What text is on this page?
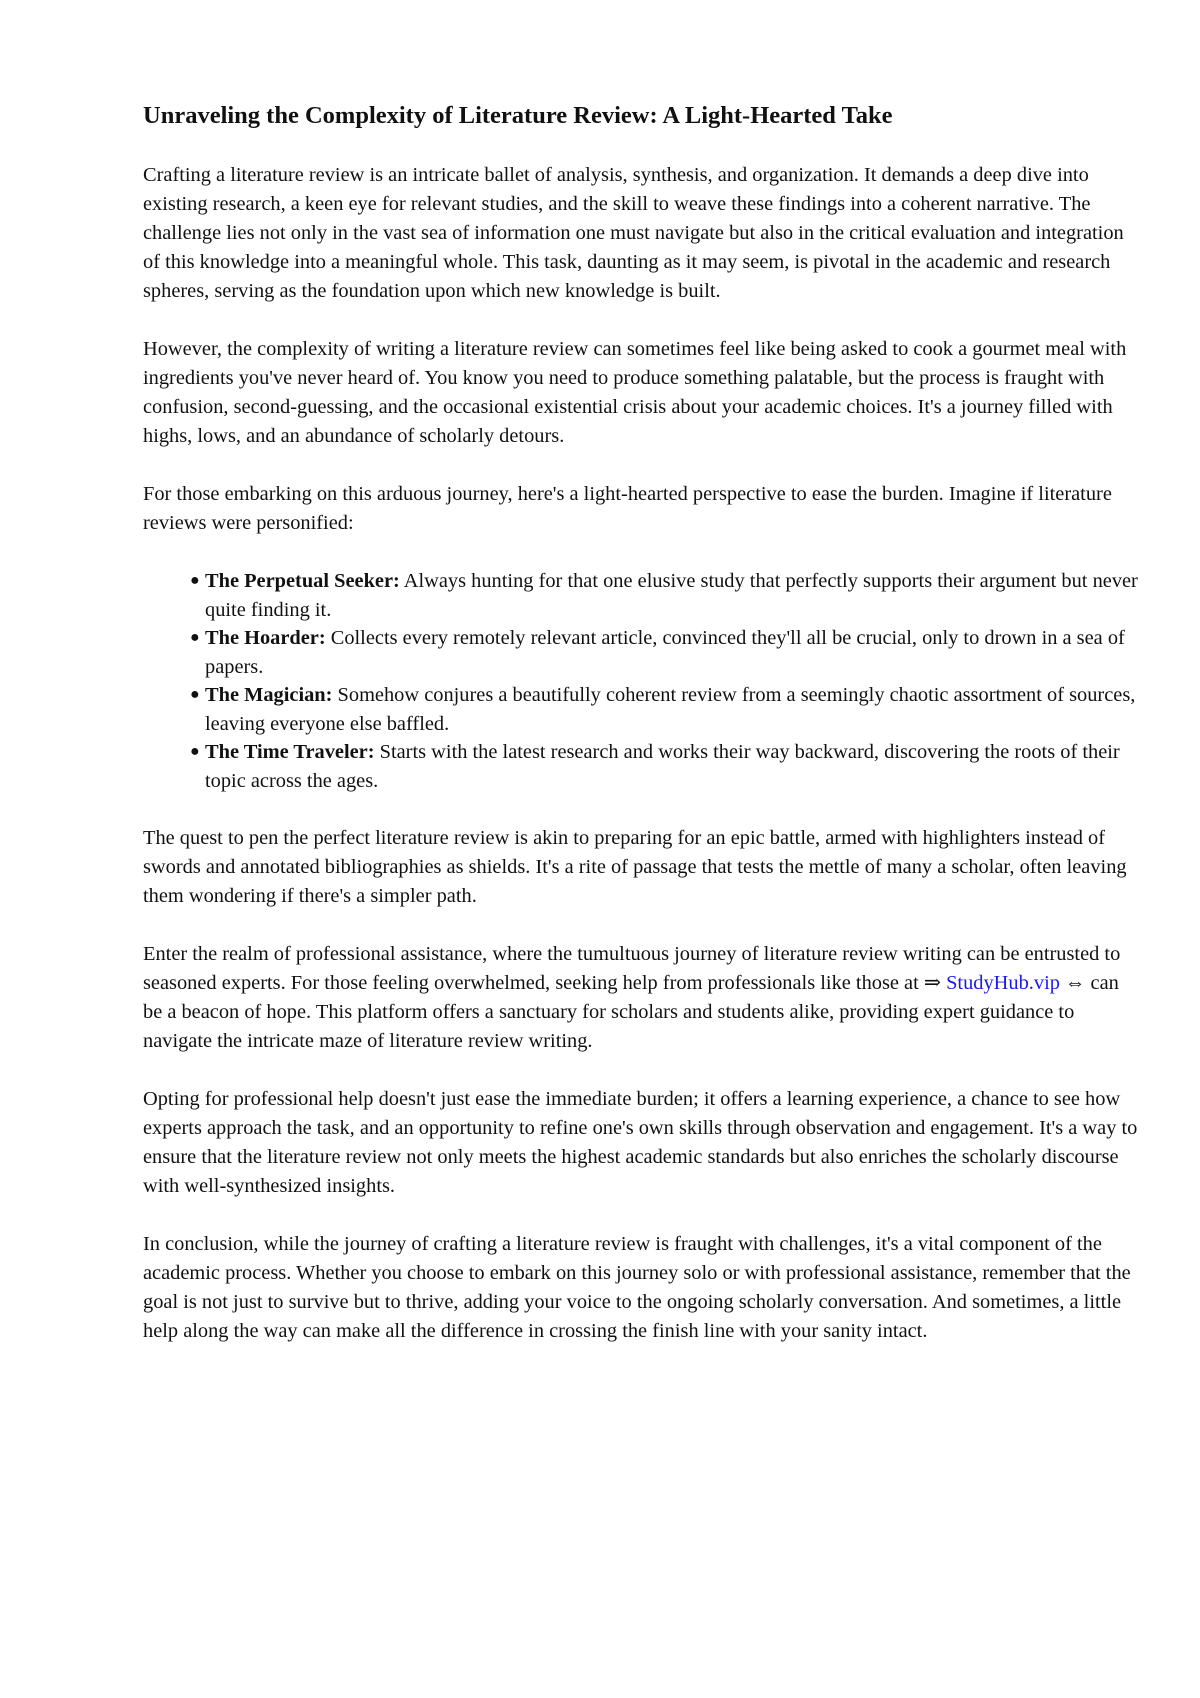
Unraveling the Complexity of Literature Review: A Light-Hearted Take

Crafting a literature review is an intricate ballet of analysis, synthesis, and organization. It demands a deep dive into existing research, a keen eye for relevant studies, and the skill to weave these findings into a coherent narrative. The challenge lies not only in the vast sea of information one must navigate but also in the critical evaluation and integration of this knowledge into a meaningful whole. This task, daunting as it may seem, is pivotal in the academic and research spheres, serving as the foundation upon which new knowledge is built.

However, the complexity of writing a literature review can sometimes feel like being asked to cook a gourmet meal with ingredients you've never heard of. You know you need to produce something palatable, but the process is fraught with confusion, second-guessing, and the occasional existential crisis about your academic choices. It's a journey filled with highs, lows, and an abundance of scholarly detours.

For those embarking on this arduous journey, here's a light-hearted perspective to ease the burden. Imagine if literature reviews were personified:

● The Perpetual Seeker: Always hunting for that one elusive study that perfectly supports their argument but never quite finding it.
● The Hoarder: Collects every remotely relevant article, convinced they'll all be crucial, only to drown in a sea of papers.
● The Magician: Somehow conjures a beautifully coherent review from a seemingly chaotic assortment of sources, leaving everyone else baffled.
● The Time Traveler: Starts with the latest research and works their way backward, discovering the roots of their topic across the ages.

The quest to pen the perfect literature review is akin to preparing for an epic battle, armed with highlighters instead of swords and annotated bibliographies as shields. It's a rite of passage that tests the mettle of many a scholar, often leaving them wondering if there's a simpler path.

Enter the realm of professional assistance, where the tumultuous journey of literature review writing can be entrusted to seasoned experts. For those feeling overwhelmed, seeking help from professionals like those at ⇒ StudyHub.vip ⇔ can be a beacon of hope. This platform offers a sanctuary for scholars and students alike, providing expert guidance to navigate the intricate maze of literature review writing.

Opting for professional help doesn't just ease the immediate burden; it offers a learning experience, a chance to see how experts approach the task, and an opportunity to refine one's own skills through observation and engagement. It's a way to ensure that the literature review not only meets the highest academic standards but also enriches the scholarly discourse with well-synthesized insights.

In conclusion, while the journey of crafting a literature review is fraught with challenges, it's a vital component of the academic process. Whether you choose to embark on this journey solo or with professional assistance, remember that the goal is not just to survive but to thrive, adding your voice to the ongoing scholarly conversation. And sometimes, a little help along the way can make all the difference in crossing the finish line with your sanity intact.
